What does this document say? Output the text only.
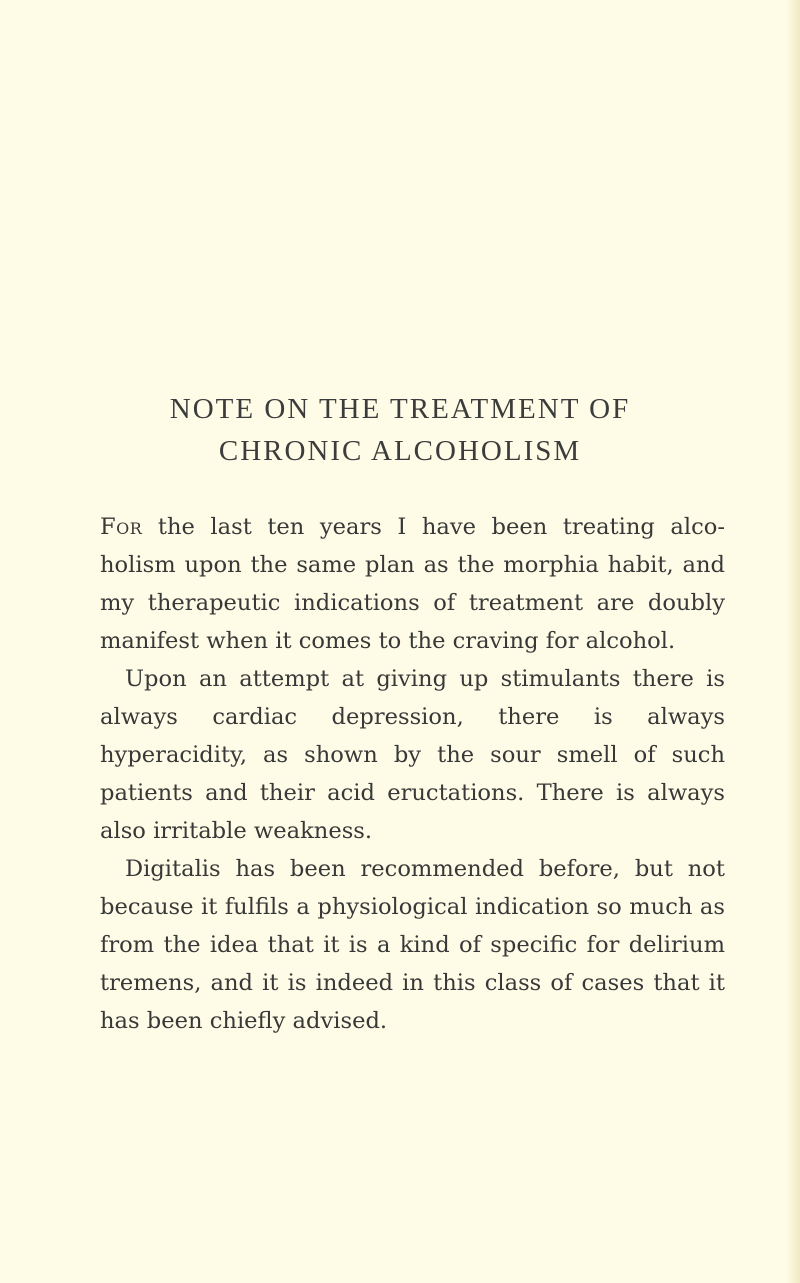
NOTE ON THE TREATMENT OF
CHRONIC ALCOHOLISM

For the last ten years I have been treating alco-holism upon the same plan as the morphia habit, and my therapeutic indications of treatment are doubly manifest when it comes to the craving for alcohol.

Upon an attempt at giving up stimulants there is always cardiac depression, there is always hyperacidity, as shown by the sour smell of such patients and their acid eructations. There is always also irritable weakness.

Digitalis has been recommended before, but not because it fulfils a physiological indication so much as from the idea that it is a kind of specific for delirium tremens, and it is indeed in this class of cases that it has been chiefly advised.
